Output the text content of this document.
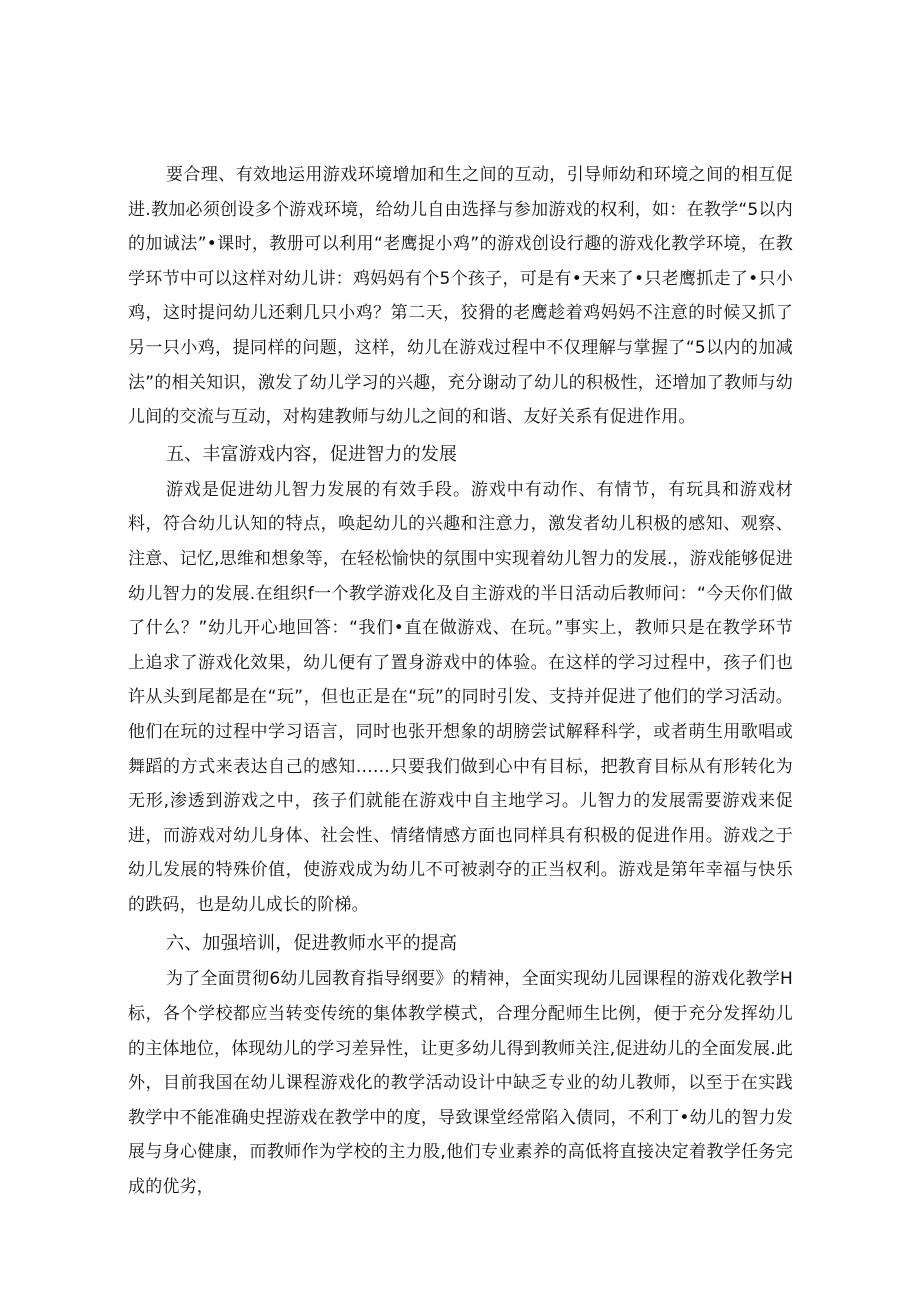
要合理、有效地运用游戏环境增加和生之间的互动，引导师幼和环境之间的相互促进.教加必须创设多个游戏环境，给幼儿自由选择与参加游戏的权利，如：在教学“5以内的加诚法”•课时，教册可以利用“老鹰捉小鸡”的游戏创设行趣的游戏化教学环境，在教学环节中可以这样对幼儿讲：鸡妈妈有个5个孩子，可是有•天来了•只老鹰抓走了•只小鸡，这时提问幼儿还剩几只小鸡？第二天，狡猾的老鹰趁着鸡妈妈不注意的时候又抓了另一只小鸡，提同样的问题，这样，幼儿在游戏过程中不仅理解与掌握了“5以内的加减法”的相关知识，激发了幼儿学习的兴趣，充分谢动了幼儿的积极性，还增加了教师与幼儿间的交流与互动，对构建教师与幼儿之间的和谐、友好关系有促进作用。

五、丰富游戏内容，促进智力的发展

游戏是促进幼儿智力发展的有效手段。游戏中有动作、有情节，有玩具和游戏材料，符合幼儿认知的特点，唤起幼儿的兴趣和注意力，激发者幼儿积极的感知、观察、注意、记忆,思维和想象等，在轻松愉快的氛围中实现着幼儿智力的发展.，游戏能够促进幼儿智力的发展.在组织f一个教学游戏化及自主游戏的半日活动后教师问：“今天你们做了什么？”幼儿开心地回答：“我们•直在做游戏、在玩。”事实上，教师只是在教学环节上追求了游戏化效果，幼儿便有了置身游戏中的体验。在这样的学习过程中，孩子们也许从头到尾都是在“玩”，但也正是在“玩”的同时引发、支持并促进了他们的学习活动。他们在玩的过程中学习语言，同时也张开想象的胡膀尝试解释科学，或者萌生用歌唱或舞蹈的方式来表达自己的感知……只要我们做到心中有目标，把教育目标从有形转化为无形,渗透到游戏之中，孩子们就能在游戏中自主地学习。儿智力的发展需要游戏来促进，而游戏对幼儿身体、社会性、情绪情感方面也同样具有积极的促进作用。游戏之于幼儿发展的特殊价值，使游戏成为幼儿不可被剥夺的正当权利。游戏是第年幸福与快乐的跌码，也是幼儿成长的阶梯。

六、加强培训，促进教师水平的提高

为了全面贯彻6幼儿园教育指导纲要》的精神，全面实现幼儿园课程的游戏化教学H标，各个学校都应当转变传统的集体教学模式，合理分配师生比例，便于充分发挥幼儿的主体地位，体现幼儿的学习差异性，让更多幼儿得到教师关注,促进幼儿的全面发展.此外，目前我国在幼儿课程游戏化的教学活动设计中缺乏专业的幼儿教师，以至于在实践教学中不能准确史捏游戏在教学中的度，导致课堂经常陷入债同，不利丁•幼儿的智力发展与身心健康，而教师作为学校的主力股,他们专业素养的高低将直接决定着教学任务完成的优劣，
